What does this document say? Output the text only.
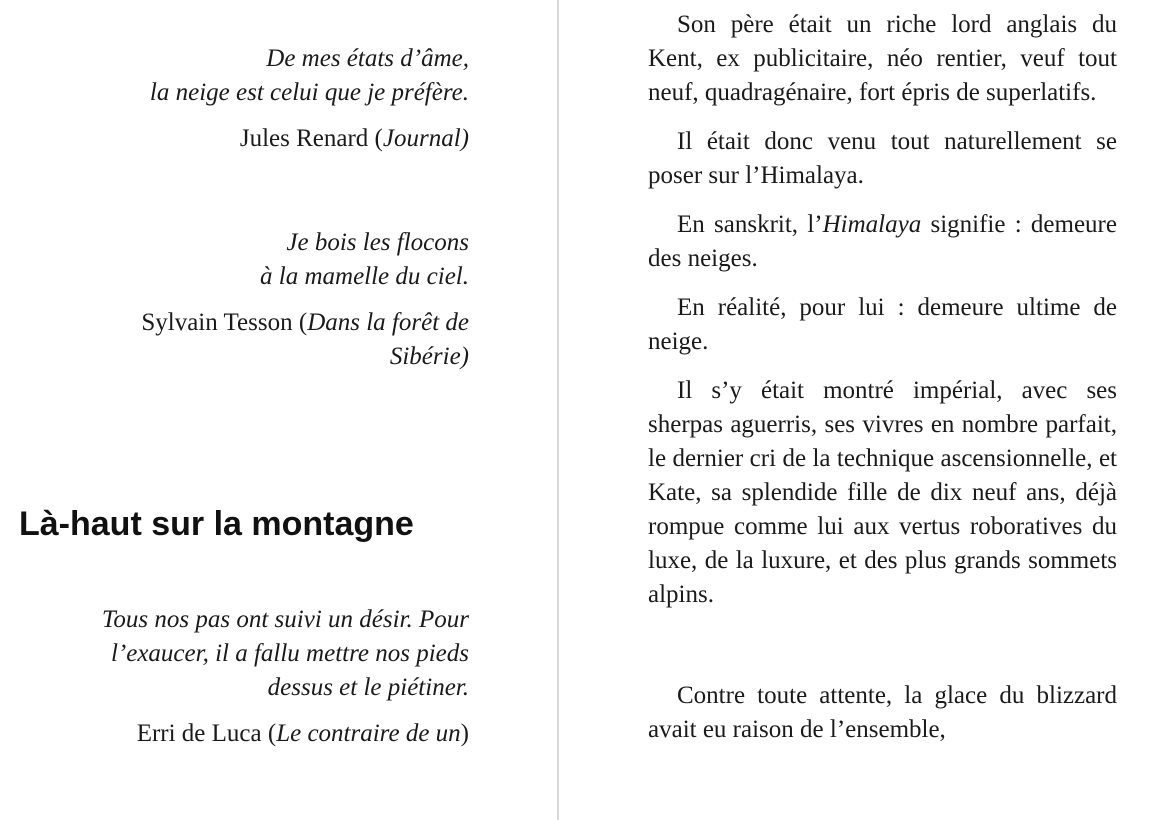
De mes états d’âme,
la neige est celui que je préfère.
Jules Renard (Journal)
Je bois les flocons
à la mamelle du ciel.
Sylvain Tesson (Dans la forêt de
Sibérie)
Là-haut sur la montagne
Tous nos pas ont suivi un désir. Pour
l’exaucer, il a fallu mettre nos pieds
dessus et le piétiner.
Erri de Luca (Le contraire de un)

Son père était un riche lord anglais du Kent, ex publicitaire, néo rentier, veuf tout neuf, quadragénaire, fort épris de superlatifs.

Il était donc venu tout naturellement se poser sur l’Himalaya.

En sanskrit, l’Himalaya signifie : demeure des neiges.

En réalité, pour lui : demeure ultime de neige.

Il s’y était montré impérial, avec ses sherpas aguerris, ses vivres en nombre parfait, le dernier cri de la technique ascensionnelle, et Kate, sa splendide fille de dix neuf ans, déjà rompue comme lui aux vertus roboratives du luxe, de la luxure, et des plus grands sommets alpins.

Contre toute attente, la glace du blizzard avait eu raison de l’ensemble,
